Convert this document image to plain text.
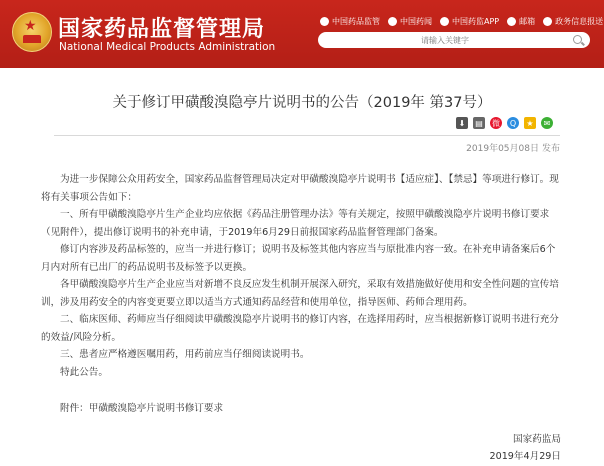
★ 国家药品监督管理局
National Medical Products Administration
中国药品监管	中国药闻	中国药监APP	邮箱	政务信息报送
请输入关键字
关于修订甲磺酸溴隐亭片说明书的公告（2019年 第37号）
⬇	▤ 微	Q	★	✉
2019年05月08日 发布

为进一步保障公众用药安全，国家药品监督管理局决定对甲磺酸溴隐亭片说明书【适应症】、【禁忌】等项进行修订。现将有关事项公告如下：

一、所有甲磺酸溴隐亭片生产企业均应依据《药品注册管理办法》等有关规定，按照甲磺酸溴隐亭片说明书修订要求（见附件），提出修订说明书的补充申请，于2019年6月29日前报国家药品监督管理部门备案。

修订内容涉及药品标签的，应当一并进行修订；说明书及标签其他内容应当与原批准内容一致。在补充申请备案后6个月内对所有已出厂的药品说明书及标签予以更换。

各甲磺酸溴隐亭片生产企业应当对新增不良反应发生机制开展深入研究，采取有效措施做好使用和安全性问题的宣传培训，涉及用药安全的内容变更要立即以适当方式通知药品经营和使用单位，指导医师、药师合理用药。

二、临床医师、药师应当仔细阅读甲磺酸溴隐亭片说明书的修订内容，在选择用药时，应当根据新修订说明书进行充分的效益/风险分析。

三、患者应严格遵医嘱用药，用药前应当仔细阅读说明书。

特此公告。

附件：甲磺酸溴隐亭片说明书修订要求
国家药监局
2019年4月29日
